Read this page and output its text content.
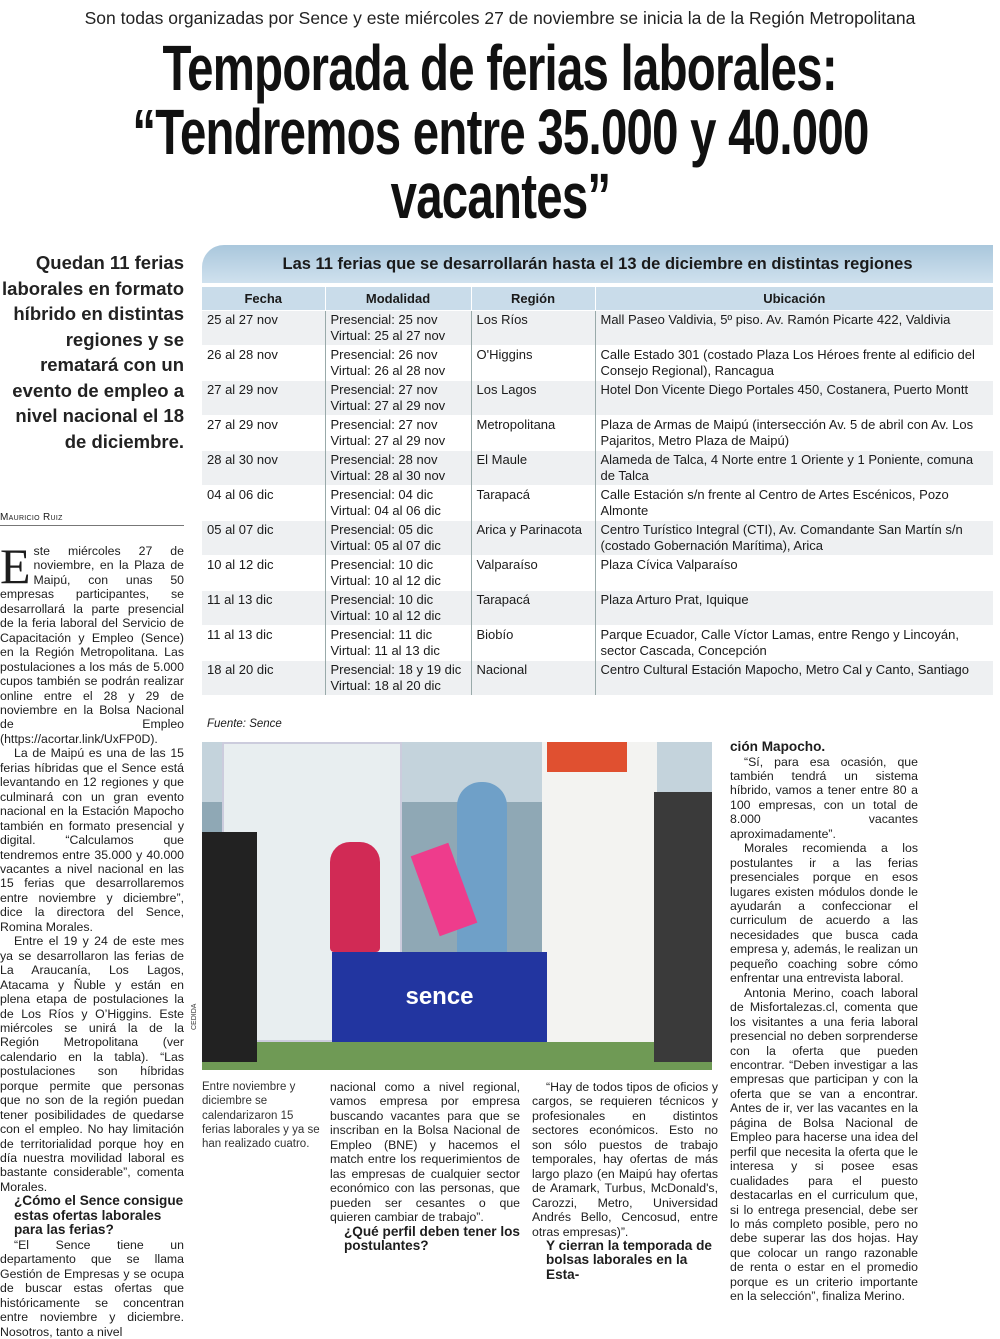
Son todas organizadas por Sence y este miércoles 27 de noviembre se inicia la de la Región Metropolitana
Temporada de ferias laborales:
“Tendremos entre 35.000 y 40.000
vacantes”
Quedan 11 ferias laborales en formato híbrido en distintas regiones y se rematará con un evento de empleo a nivel nacional el 18 de diciembre.
Mauricio Ruiz

Este miércoles 27 de noviembre, en la Plaza de Maipú, con unas 50 empresas participantes, se desarrollará la parte presencial de la feria laboral del Servicio de Capacitación y Empleo (Sence) en la Región Metropolitana. Las postulaciones a los más de 5.000 cupos también se podrán realizar online entre el 28 y 29 de noviembre en la Bolsa Nacional de Empleo (https://acortar.link/UxFP0D).

La de Maipú es una de las 15 ferias híbridas que el Sence está levantando en 12 regiones y que culminará con un gran evento nacional en la Estación Mapocho también en formato presencial y digital. “Calculamos que tendremos entre 35.000 y 40.000 vacantes a nivel nacional en las 15 ferias que desarrollaremos entre noviembre y diciembre”, dice la directora del Sence, Romina Morales.

Entre el 19 y 24 de este mes ya se desarrollaron las ferias de La Araucanía, Los Lagos, Atacama y Ñuble y están en plena etapa de postulaciones la de Los Ríos y O’Higgins. Este miércoles se unirá la de la Región Metropolitana (ver calendario en la tabla). “Las postulaciones son híbridas porque permite que personas que no son de la región puedan tener posibilidades de quedarse con el empleo. No hay limitación de territorialidad porque hoy en día nuestra movilidad laboral es bastante considerable”, comenta Morales.

¿Cómo el Sence consigue estas ofertas laborales para las ferias?

“El Sence tiene un departamento que se llama Gestión de Empresas y se ocupa de buscar estas ofertas que históricamente se concentran entre noviembre y diciembre. Nosotros, tanto a nivel

Las 11 ferias que se desarrollarán hasta el 13 de diciembre en distintas regiones
Fecha	Modalidad	Región	Ubicación
25 al 27 nov	Presencial: 25 nov
Virtual: 25 al 27 nov	Los Ríos	Mall Paseo Valdivia, 5º piso. Av. Ramón Picarte 422, Valdivia
26 al 28 nov	Presencial: 26 nov
Virtual: 26 al 28 nov	O'Higgins	Calle Estado 301 (costado Plaza Los Héroes frente al edificio del Consejo Regional), Rancagua
27 al 29 nov	Presencial: 27 nov
Virtual: 27 al 29 nov	Los Lagos	Hotel Don Vicente Diego Portales 450, Costanera, Puerto Montt
27 al 29 nov	Presencial: 27 nov
Virtual: 27 al 29 nov	Metropolitana	Plaza de Armas de Maipú (intersección Av. 5 de abril con Av. Los Pajaritos, Metro Plaza de Maipú)
28 al 30 nov	Presencial: 28 nov
Virtual: 28 al 30 nov	El Maule	Alameda de Talca, 4 Norte entre 1 Oriente y 1 Poniente, comuna de Talca
04 al 06 dic	Presencial: 04 dic
Virtual: 04 al 06 dic	Tarapacá	Calle Estación s/n frente al Centro de Artes Escénicos, Pozo Almonte
05 al 07 dic	Presencial: 05 dic
Virtual: 05 al 07 dic	Arica y Parinacota	Centro Turístico Integral (CTI), Av. Comandante San Martín s/n (costado Gobernación Marítima), Arica
10 al 12 dic	Presencial: 10 dic
Virtual: 10 al 12 dic	Valparaíso	Plaza Cívica Valparaíso
11 al 13 dic	Presencial: 10 dic
Virtual: 10 al 12 dic	Tarapacá	Plaza Arturo Prat, Iquique
11 al 13 dic	Presencial: 11 dic
Virtual: 11 al 13 dic	Biobío	Parque Ecuador, Calle Víctor Lamas, entre Rengo y Lincoyán, sector Cascada, Concepción
18 al 20 dic	Presencial: 18 y 19 dic
Virtual: 18 al 20 dic	Nacional	Centro Cultural Estación Mapocho, Metro Cal y Canto, Santiago
Fuente: Sence
sence
CEDIDA
Entre noviembre y diciembre se calendarizaron 15 ferias laborales y ya se han realizado cuatro.

nacional como a nivel regional, vamos empresa por empresa buscando vacantes para que se inscriban en la Bolsa Nacional de Empleo (BNE) y hacemos el match entre los requerimientos de las empresas de cualquier sector económico con las personas, que pueden ser cesantes o que quieren cambiar de trabajo”.

¿Qué perfil deben tener los postulantes?

“Hay de todos tipos de oficios y cargos, se requieren técnicos y profesionales en distintos sectores económicos. Esto no son sólo puestos de trabajo temporales, hay ofertas de más largo plazo (en Maipú hay ofertas de Aramark, Turbus, McDonald's, Carozzi, Metro, Universidad Andrés Bello, Cencosud, entre otras empresas)”.

Y cierran la temporada de bolsas laborales en la Esta-
ción Mapocho.

“Sí, para esa ocasión, que también tendrá un sistema híbrido, vamos a tener entre 80 a 100 empresas, con un total de 8.000 vacantes aproximadamente”.

Morales recomienda a los postulantes ir a las ferias presenciales porque en esos lugares existen módulos donde le ayudarán a confeccionar el curriculum de acuerdo a las necesidades que busca cada empresa y, además, le realizan un pequeño coaching sobre cómo enfrentar una entrevista laboral.

Antonia Merino, coach laboral de Misfortalezas.cl, comenta que los visitantes a una feria laboral presencial no deben sorprenderse con la oferta que pueden encontrar. “Deben investigar a las empresas que participan y con la oferta que se van a encontrar. Antes de ir, ver las vacantes en la página de Bolsa Nacional de Empleo para hacerse una idea del perfil que necesita la oferta que le interesa y si posee esas cualidades para el puesto destacarlas en el curriculum que, si lo entrega presencial, debe ser lo más completo posible, pero no debe superar las dos hojas. Hay que colocar un rango razonable de renta o estar en el promedio porque es un criterio importante en la selección”, finaliza Merino.
